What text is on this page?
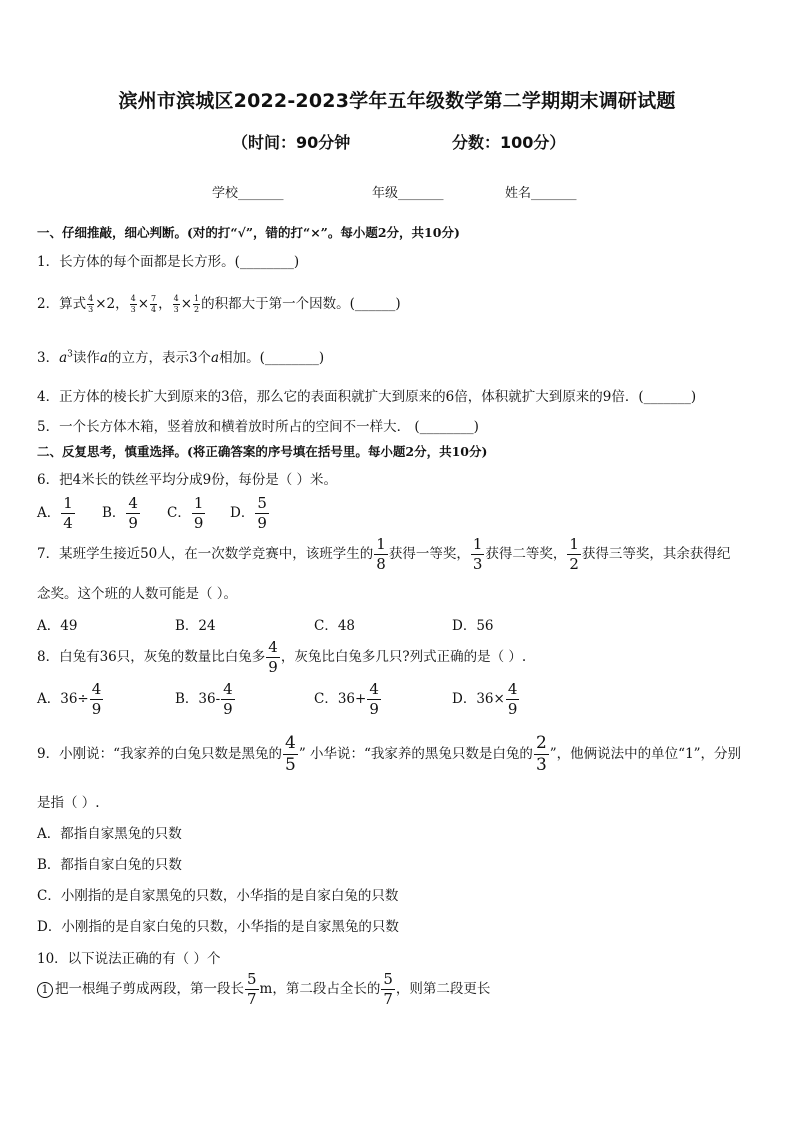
滨州市滨城区2022-2023学年五年级数学第二学期期末调研试题
（时间：90分钟	分数：100分）
学校_______	年级_______	姓名_______
一、仔细推敲，细心判断。(对的打“√”，错的打“×”。每小题2分，共10分)
1．长方体的每个面都是长方形。(________)
2．算式 $\frac{4}{3} \times 2$， $\frac{4}{3} \times \frac{7}{4}$ ， $\frac{4}{3} \times \frac{1}{2}$ 的积都大于第一个因数。(______)
3．$a^3$读作a的立方，表示3个a相加。(________)
4．正方体的棱长扩大到原来的3倍，那么它的表面积就扩大到原来的6倍，体积就扩大到原来的9倍．(_______)
5．一个长方体木箱，竖着放和横着放时所占的空间不一样大． (________)
二、反复思考，慎重选择。(将正确答案的序号填在括号里。每小题2分，共10分)
6．把4米长的铁丝平均分成9份，每份是（ ）米。
A． $\frac{1}{4}$ B． $\frac{4}{9}$ C． $\frac{1}{9}$ D． $\frac{5}{9}$
7．某班学生接近50人，在一次数学竞赛中，该班学生的 $\frac{1}{8}$ 获得一等奖， $\frac{1}{3}$ 获得二等奖， $\frac{1}{2}$ 获得三等奖，其余获得纪
念奖。这个班的人数可能是（ ）。
A．49	B．24	C．48	D．56
8．白兔有36只，灰兔的数量比白兔多 $\frac{4}{9}$ ，灰兔比白兔多几只?列式正确的是（ ）.
A．$36\div \frac{4}{9}$	B．$36- \frac{4}{9}$	C．$36+ \frac{4}{9}$	D．$36\times \frac{4}{9}$
9．小刚说：“我家养的白兔只数是黑兔的 $\frac{4}{5}$ ” 小华说：“我家养的黑兔只数是白兔的 $\frac{2}{3}$ ”，他俩说法中的单位“1”，分别
是指（ ）.
A．都指自家黑兔的只数
B．都指自家白兔的只数
C．小刚指的是自家黑兔的只数，小华指的是自家白兔的只数
D．小刚指的是自家白兔的只数，小华指的是自家黑兔的只数
10．以下说法正确的有（ ）个
1 把一根绳子剪成两段，第一段长 $\frac{5}{7}$ m，第二段占全长的 $\frac{5}{7}$ ，则第二段更长
